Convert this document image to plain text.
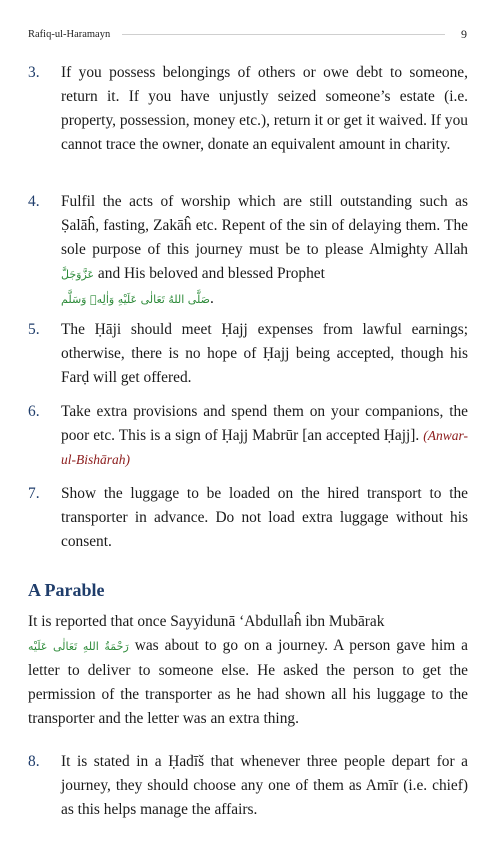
Rafiq-ul-Haramayn	9
3.	If you possess belongings of others or owe debt to someone, return it. If you have unjustly seized someone’s estate (i.e. property, possession, money etc.), return it or get it waived. If you cannot trace the owner, donate an equivalent amount in charity.
4.	Fulfil the acts of worship which are still outstanding such as Ṣalāĥ, fasting, Zakāĥ etc. Repent of the sin of delaying them. The sole purpose of this journey must be to please Almighty Allah عَزَّوَجَلَّ and His beloved and blessed Prophet
صَلَّى اللهُ تَعَالٰى عَلَيْهِ وَاٰلِهٖ وَسَلَّم.
5.	The Ḥāji should meet Ḥajj expenses from lawful earnings; otherwise, there is no hope of Ḥajj being accepted, though his Farḍ will get offered.
6.	Take extra provisions and spend them on your companions, the poor etc. This is a sign of Ḥajj Mabrūr [an accepted Ḥajj]. (Anwar-ul-Bishārah)
7.	Show the luggage to be loaded on the hired transport to the transporter in advance. Do not load extra luggage without his consent.
A Parable
It is reported that once Sayyidunā ‘Abdullaĥ ibn Mubārak
رَحْمَةُ اللهِ تَعَالٰى عَلَيْه was about to go on a journey. A person gave him a letter to deliver to someone else. He asked the person to get the permission of the transporter as he had shown all his luggage to the transporter and the letter was an extra thing.
8.	It is stated in a Ḥadīš that whenever three people depart for a journey, they should choose any one of them as Amīr (i.e. chief) as this helps manage the affairs.
